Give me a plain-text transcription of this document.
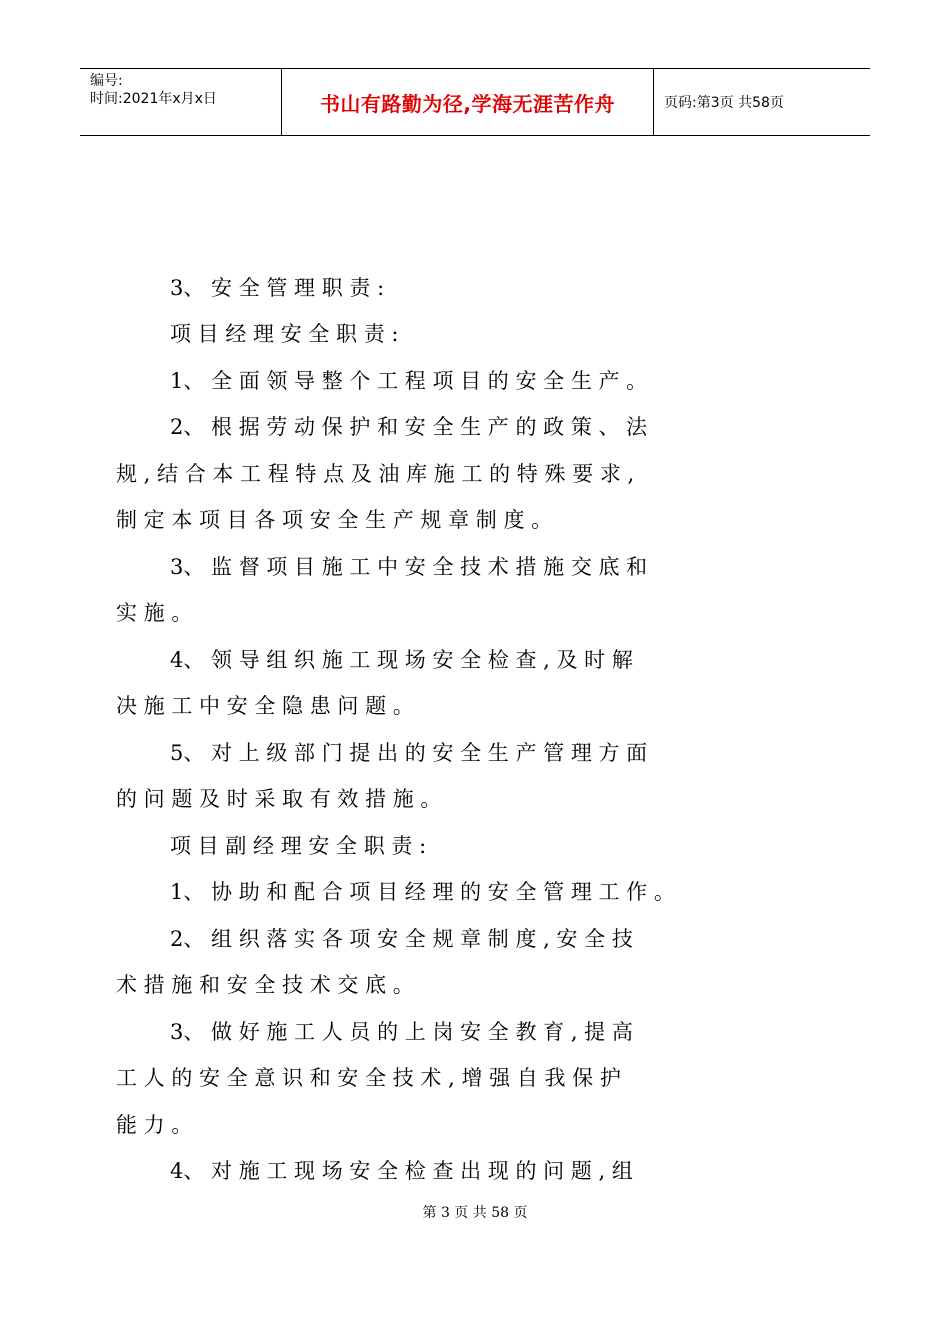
编号:
时间:2021年x月x日	书山有路勤为径,学海无涯苦作舟	页码:第3页 共58页
3、 安 全 管 理 职 责 :
项 目 经 理 安 全 职 责 :
1、 全 面 领 导 整 个 工 程 项 目 的 安 全 生 产 。
2、 根 据 劳 动 保 护 和 安 全 生 产 的 政 策 、 法
规 , 结 合 本 工 程 特 点 及 油 库 施 工 的 特 殊 要 求 ,
制 定 本 项 目 各 项 安 全 生 产 规 章 制 度 。
3、 监 督 项 目 施 工 中 安 全 技 术 措 施 交 底 和
实 施 。
4、 领 导 组 织 施 工 现 场 安 全 检 查 , 及 时 解
决 施 工 中 安 全 隐 患 问 题 。
5、 对 上 级 部 门 提 出 的 安 全 生 产 管 理 方 面
的 问 题 及 时 采 取 有 效 措 施 。
项 目 副 经 理 安 全 职 责 :
1、 协 助 和 配 合 项 目 经 理 的 安 全 管 理 工 作 。
2、 组 织 落 实 各 项 安 全 规 章 制 度 , 安 全 技
术 措 施 和 安 全 技 术 交 底 。
3、 做 好 施 工 人 员 的 上 岗 安 全 教 育 , 提 高
工 人 的 安 全 意 识 和 安 全 技 术 , 增 强 自 我 保 护
能 力 。
4、 对 施 工 现 场 安 全 检 查 出 现 的 问 题 , 组
第 3 页 共 58 页
